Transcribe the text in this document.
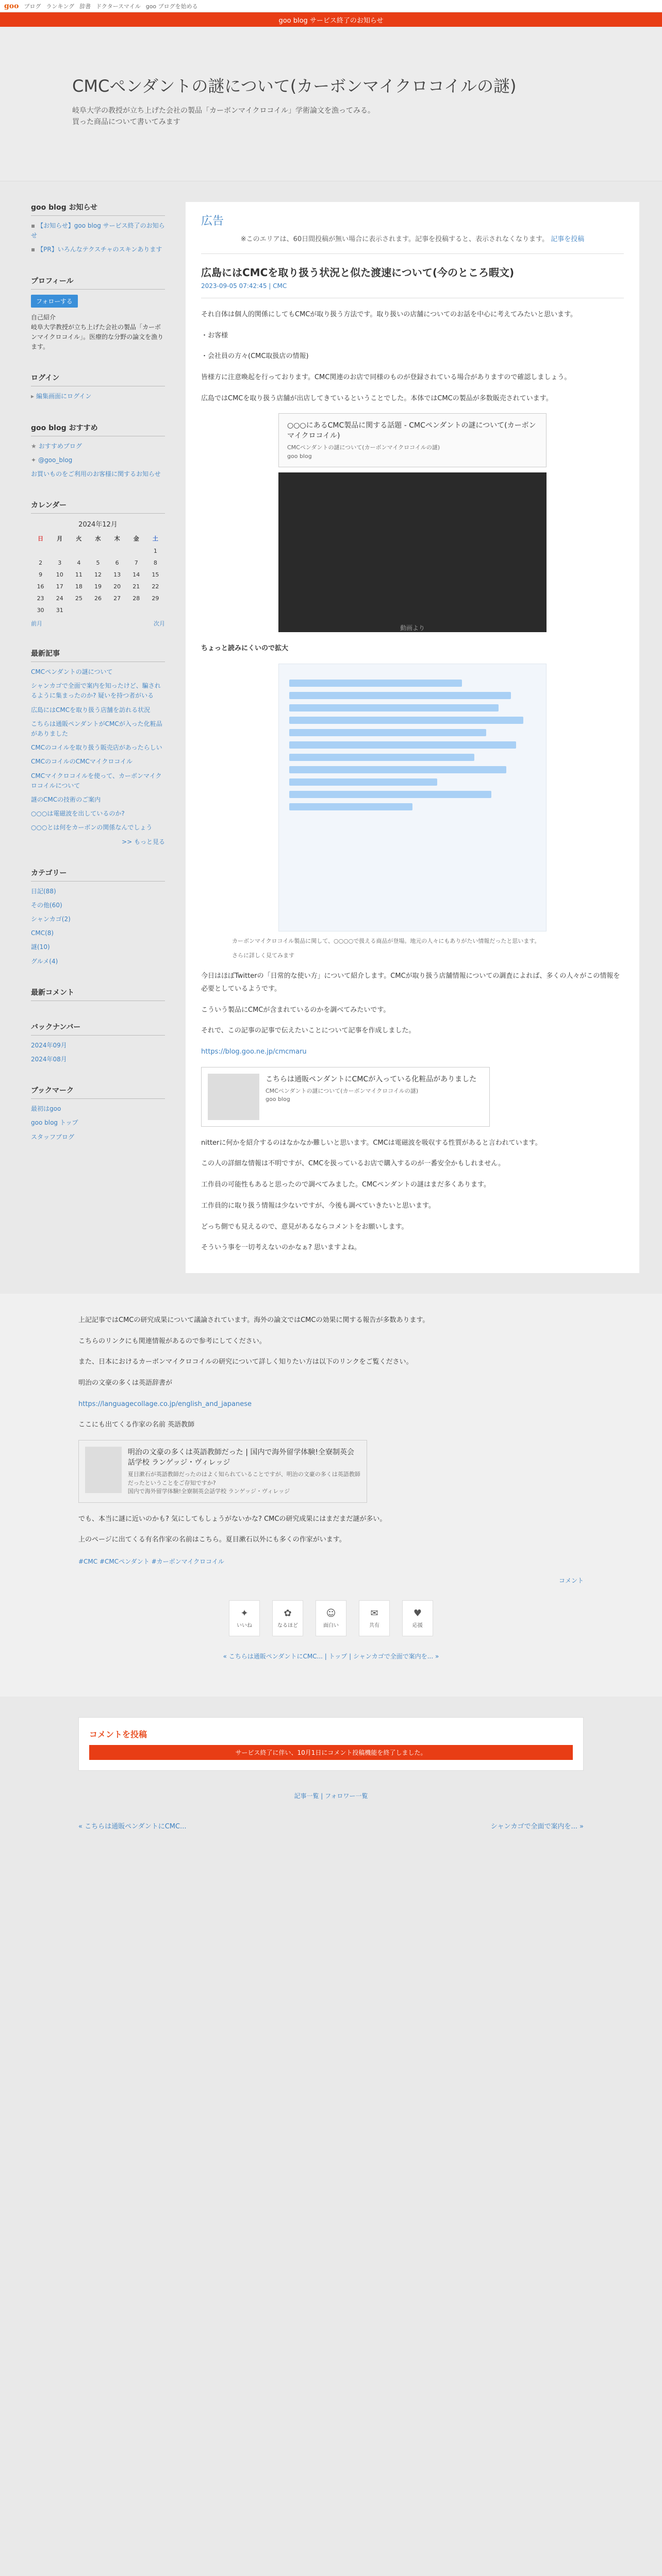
goo ブログ ランキング 辞書 ドクタースマイル goo ブログを始める
goo blog サービス終了のお知らせ
CMCペンダントの謎について(カーボンマイクロコイルの謎)
岐阜大学の教授が立ち上げた会社の製品「カーボンマイクロコイル」学術論文を漁ってみる。
買った商品について書いてみます
goo blog お知らせ
▪ 【お知らせ】goo blog サービス終了のお知らせ
▪ 【PR】いろんなテクスチャのスキンあります
プロフィール
フォローする
自己紹介
岐阜大学教授が立ち上げた会社の製品「カーボンマイクロコイル」。医療的な分野の論文を漁ります。
ログイン
▸ 編集画面にログイン
goo blog おすすめ
★ おすすめブログ
✦ @goo_blog
お買いものをご利用のお客様に関するお知らせ
カレンダー
2024年12月
日	月	火	水	木	金	土
						1
2	3	4	5	6	7	8
9	10	11	12	13	14	15
16	17	18	19	20	21	22
23	24	25	26	27	28	29
30	31					
前月	次月
最新記事
CMCペンダントの謎について
シャンカゴで全面で案内を知ったけど、騙されるように集まったのか? 疑いを持つ者がいる
広島にはCMCを取り扱う店舗を訪れる状況
こちらは通販ペンダントがCMCが入った化粧品がありました
CMCのコイルを取り扱う販売店があったらしい
CMCのコイルのCMCマイクロコイル
CMCマイクロコイルを使って、カーボンマイクロコイルについて
謎のCMCの技術のご案内
○○○は電磁波を出しているのか?
○○○とは何をカーボンの関係なんでしょう
>> もっと見る
カテゴリー
日記(88)
その他(60)
シャンカゴ(2)
CMC(8)
謎(10)
グルメ(4)
最新コメント
バックナンバー
2024年09月
2024年08月
ブックマーク
最初はgoo
goo blog トップ
スタッフブログ
広告
※このエリアは、60日間投稿が無い場合に表示されます。記事を投稿すると、表示されなくなります。 記事を投稿
広島にはCMCを取り扱う状況と似た渡速について(今のところ暇文)
2023-09-05 07:42:45 | CMC

それ自体は個人的関係にしてもCMCが取り扱う方法です。取り扱いの店舗についてのお話を中心に考えてみたいと思います。

・お客様

・会社員の方々(CMC取扱店の情報)

皆様方に注意喚起を行っております。CMC関連のお店で同様のものが登録されている場合がありますので確認しましょう。

広島ではCMCを取り扱う店舗が出店してきているということでした。本体ではCMCの製品が多数販売されています。

○○○にあるCMC製品に関する話題 - CMCペンダントの謎について(カーボンマイクロコイル)
CMCペンダントの謎について(カーボンマイクロコイルの謎)
goo blog
動画より

ちょっと読みにくいので拡大

カーボンマイクロコイル製品に関して、○○○○で扱える商品が登場。地元の人々にもありがたい情報だったと思います。
さらに詳しく見てみます

今日はほぼTwitterの「日常的な使い方」について紹介します。CMCが取り扱う店舗情報についての調査によれば、多くの人々がこの情報を必要としているようです。

こういう製品にCMCが含まれているのかを調べてみたいです。

それで、この記事の記事で伝えたいことについて記事を作成しました。

https://blog.goo.ne.jp/cmcmaru

こちらは通販ペンダントにCMCが入っている化粧品がありました
CMCペンダントの謎について(カーボンマイクロコイルの謎)
goo blog

nitterに何かを紹介するのはなかなか難しいと思います。CMCは電磁波を吸収する性質があると言われています。

この人の詳細な情報は不明ですが、CMCを扱っているお店で購入するのが一番安全かもしれません。

工作員の可能性もあると思ったので調べてみました。CMCペンダントの謎はまだ多くあります。

工作員的に取り扱う情報は少ないですが、今後も調べていきたいと思います。

どっち側でも見えるので、意見があるならコメントをお願いします。

そういう事を一切考えないのかなぁ? 思いますよね。

上記記事ではCMCの研究成果について議論されています。海外の論文ではCMCの効果に関する報告が多数あります。

こちらのリンクにも関連情報があるので参考にしてください。

また、日本におけるカーボンマイクロコイルの研究について詳しく知りたい方は以下のリンクをご覧ください。

明治の文豪の多くは英語辞書が

https://languagecollage.co.jp/english_and_japanese

ここにも出てくる作家の名前 英語教師

明治の文豪の多くは英語教師だった | 国内で海外留学体験!全寮制英会話学校 ランゲッジ・ヴィレッジ
夏目漱石が英語教師だったのはよく知られていることですが、明治の文豪の多くは英語教師だったということをご存知ですか?
国内で海外留学体験!全寮制英会話学校 ランゲッジ・ヴィレッジ

でも、本当に謎に近いのかも? 気にしてもしょうがないかな? CMCの研究成果にはまだまだ謎が多い。

上のページに出てくる有名作家の名前はこちら。夏目漱石以外にも多くの作家がいます。

#CMC #CMCペンダント #カーボンマイクロコイル
コメント
✦
いいね
✿
なるほど
☺
面白い
✉
共有
♥
応援
« こちらは通販ペンダントにCMC... | トップ | シャンカゴで全面で案内を... »
コメントを投稿
サービス終了に伴い、10月1日にコメント投稿機能を終了しました。
記事一覧 | フォロワー一覧
« こちらは通販ペンダントにCMC...	シャンカゴで全面で案内を... »
